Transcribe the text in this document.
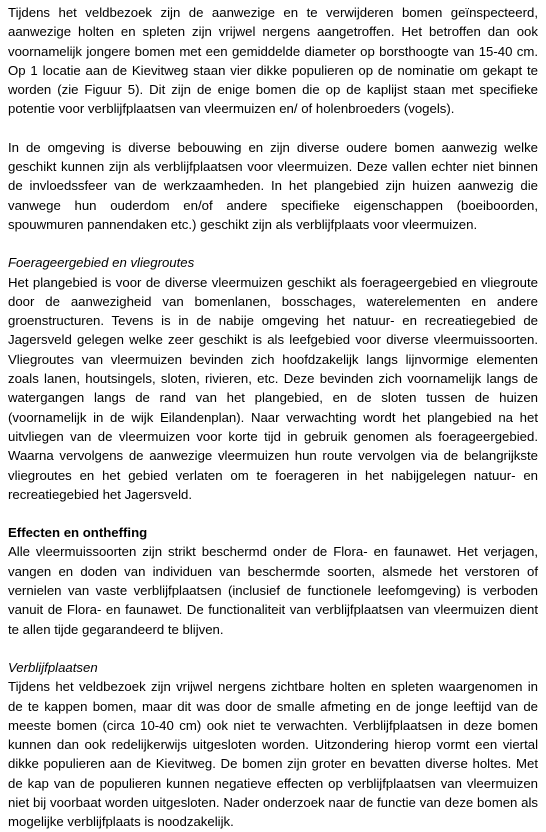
Tijdens het veldbezoek zijn de aanwezige en te verwijderen bomen geïnspecteerd, aanwezige holten en spleten zijn vrijwel nergens aangetroffen. Het betroffen dan ook voornamelijk jongere bomen met een gemiddelde diameter op borsthoogte van 15-40 cm. Op 1 locatie aan de Kievitweg staan vier dikke populieren op de nominatie om gekapt te worden (zie Figuur 5). Dit zijn de enige bomen die op de kaplijst staan met specifieke potentie voor verblijfplaatsen van vleermuizen en/ of holenbroeders (vogels).

In de omgeving is diverse bebouwing en zijn diverse oudere bomen aanwezig welke geschikt kunnen zijn als verblijfplaatsen voor vleermuizen. Deze vallen echter niet binnen de invloedssfeer van de werkzaamheden. In het plangebied zijn huizen aanwezig die vanwege hun ouderdom en/of andere specifieke eigenschappen (boeiboorden, spouwmuren pannendaken etc.) geschikt zijn als verblijfplaats voor vleermuizen.

Foerageergebied en vliegroutes

Het plangebied is voor de diverse vleermuizen geschikt als foerageergebied en vliegroute door de aanwezigheid van bomenlanen, bosschages, waterelementen en andere groenstructuren. Tevens is in de nabije omgeving het natuur- en recreatiegebied de Jagersveld gelegen welke zeer geschikt is als leefgebied voor diverse vleermuissoorten. Vliegroutes van vleermuizen bevinden zich hoofdzakelijk langs lijnvormige elementen zoals lanen, houtsingels, sloten, rivieren, etc. Deze bevinden zich voornamelijk langs de watergangen langs de rand van het plangebied, en de sloten tussen de huizen (voornamelijk in de wijk Eilandenplan). Naar verwachting wordt het plangebied na het uitvliegen van de vleermuizen voor korte tijd in gebruik genomen als foerageergebied. Waarna vervolgens de aanwezige vleermuizen hun route vervolgen via de belangrijkste vliegroutes en het gebied verlaten om te foerageren in het nabijgelegen natuur- en recreatiegebied het Jagersveld.

Effecten en ontheffing

Alle vleermuissoorten zijn strikt beschermd onder de Flora- en faunawet. Het verjagen, vangen en doden van individuen van beschermde soorten, alsmede het verstoren of vernielen van vaste verblijfplaatsen (inclusief de functionele leefomgeving) is verboden vanuit de Flora- en faunawet. De functionaliteit van verblijfplaatsen van vleermuizen dient te allen tijde gegarandeerd te blijven.

Verblijfplaatsen

Tijdens het veldbezoek zijn vrijwel nergens zichtbare holten en spleten waargenomen in de te kappen bomen, maar dit was door de smalle afmeting en de jonge leeftijd van de meeste bomen (circa 10-40 cm) ook niet te verwachten. Verblijfplaatsen in deze bomen kunnen dan ook redelijkerwijs uitgesloten worden. Uitzondering hierop vormt een viertal dikke populieren aan de Kievitweg. De bomen zijn groter en bevatten diverse holtes. Met de kap van de populieren kunnen negatieve effecten op verblijfplaatsen van vleermuizen niet bij voorbaat worden uitgesloten. Nader onderzoek naar de functie van deze bomen als mogelijke verblijfplaats is noodzakelijk.
